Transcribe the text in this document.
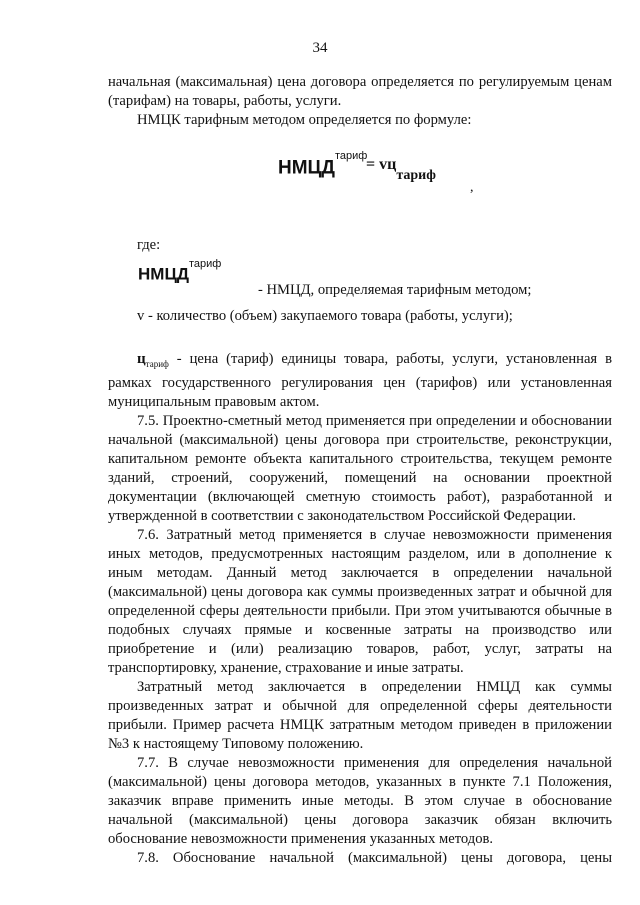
34

начальная (максимальная) цена договора определяется по регулируемым ценам (тарифам) на товары, работы, услуги.

НМЦК тарифным методом определяется по формуле:

$НМЦД^{тариф}$
= $vц_{тариф}$
,

где:

$НМЦД^{тариф}$
- НМЦД, определяемая тарифным методом;

v - количество (объем) закупаемого товара (работы, услуги);

$ц_{тариф}$ - цена (тариф) единицы товара, работы, услуги, установленная в рамках государственного регулирования цен (тарифов) или установленная муниципальным правовым актом.

7.5. Проектно-сметный метод применяется при определении и обосновании начальной (максимальной) цены договора при строительстве, реконструкции, капитальном ремонте объекта капитального строительства, текущем ремонте зданий, строений, сооружений, помещений на основании проектной документации (включающей сметную стоимость работ), разработанной и утвержденной в соответствии с законодательством Российской Федерации.

7.6. Затратный метод применяется в случае невозможности применения иных методов, предусмотренных настоящим разделом, или в дополнение к иным методам. Данный метод заключается в определении начальной (максимальной) цены договора как суммы произведенных затрат и обычной для определенной сферы деятельности прибыли. При этом учитываются обычные в подобных случаях прямые и косвенные затраты на производство или приобретение и (или) реализацию товаров, работ, услуг, затраты на транспортировку, хранение, страхование и иные затраты.

Затратный метод заключается в определении НМЦД как суммы произведенных затрат и обычной для определенной сферы деятельности прибыли. Пример расчета НМЦК затратным методом приведен в приложении №3 к настоящему Типовому положению.

7.7. В случае невозможности применения для определения начальной (максимальной) цены договора методов, указанных в пункте 7.1 Положения, заказчик вправе применить иные методы. В этом случае в обоснование начальной (максимальной) цены договора заказчик обязан включить обоснование невозможности применения указанных методов.

7.8. Обоснование начальной (максимальной) цены договора, цены
